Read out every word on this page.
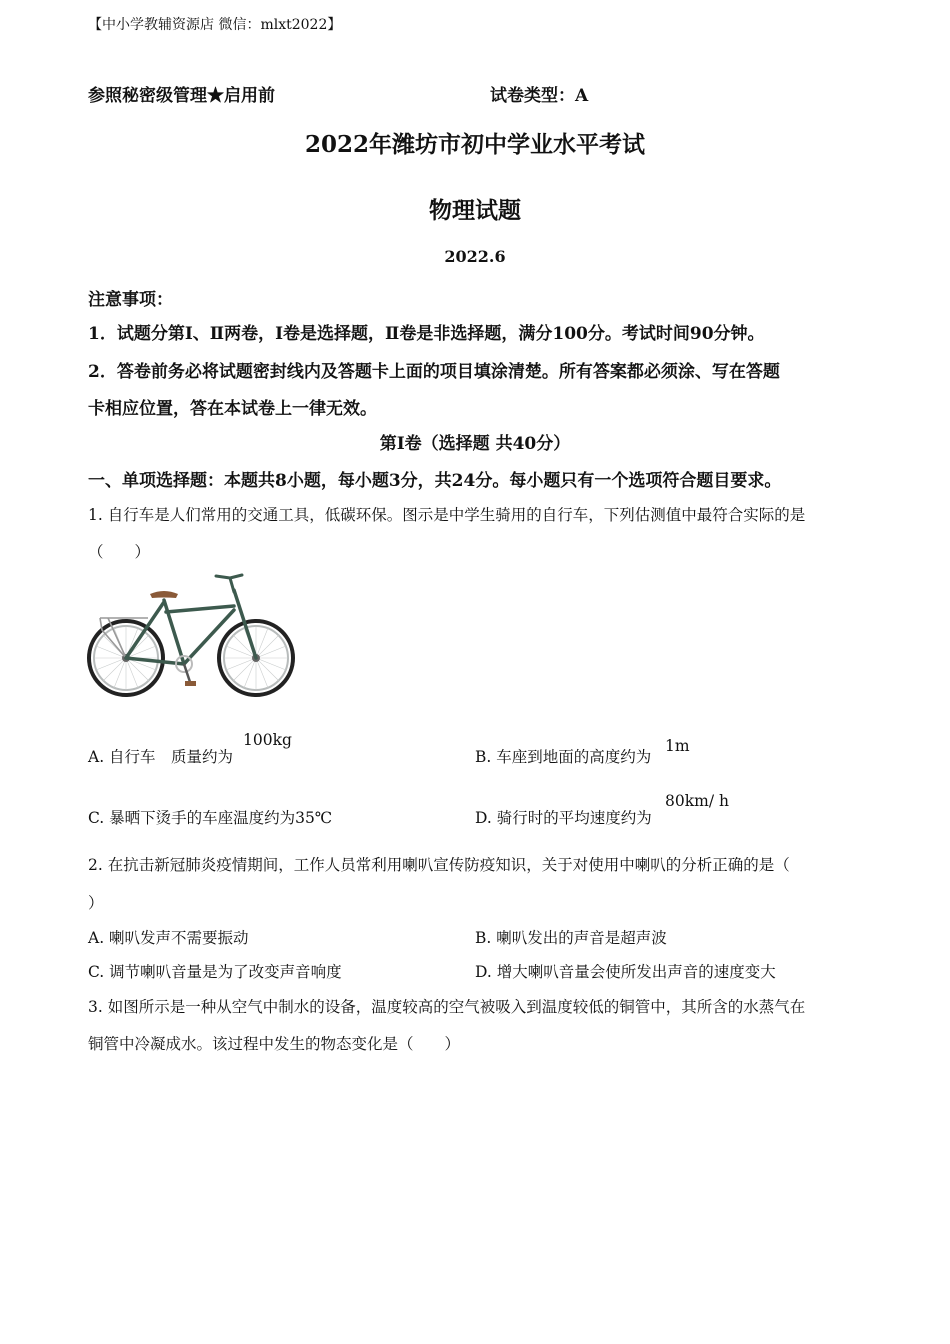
【中小学教辅资源店 微信：mlxt2022】
参照秘密级管理★启用前	试卷类型：A
2022年潍坊市初中学业水平考试
物理试题
2022.6
注意事项：
1．试题分第Ⅰ、Ⅱ两卷，Ⅰ卷是选择题，Ⅱ卷是非选择题，满分100分。考试时间90分钟。
2．答卷前务必将试题密封线内及答题卡上面的项目填涂清楚。所有答案都必须涂、写在答题
卡相应位置，答在本试卷上一律无效。
第Ⅰ卷（选择题 共40分）
一、单项选择题：本题共8小题，每小题3分，共24分。每小题只有一个选项符合题目要求。
1. 自行车是人们常用的交通工具，低碳环保。图示是中学生骑用的自行车，下列估测值中最符合实际的是
（　　）
A. 自行车　质量约为
100kg
B. 车座到地面的高度约为
1m
C. 暴晒下烫手的车座温度约为35℃	D. 骑行时的平均速度约为
80km/ h
2. 在抗击新冠肺炎疫情期间，工作人员常利用喇叭宣传防疫知识，关于对使用中喇叭的分析正确的是（
）
A. 喇叭发声不需要振动	B. 喇叭发出的声音是超声波
C. 调节喇叭音量是为了改变声音响度	D. 增大喇叭音量会使所发出声音的速度变大
3. 如图所示是一种从空气中制水的设备，温度较高的空气被吸入到温度较低的铜管中，其所含的水蒸气在
铜管中冷凝成水。该过程中发生的物态变化是（　　）
